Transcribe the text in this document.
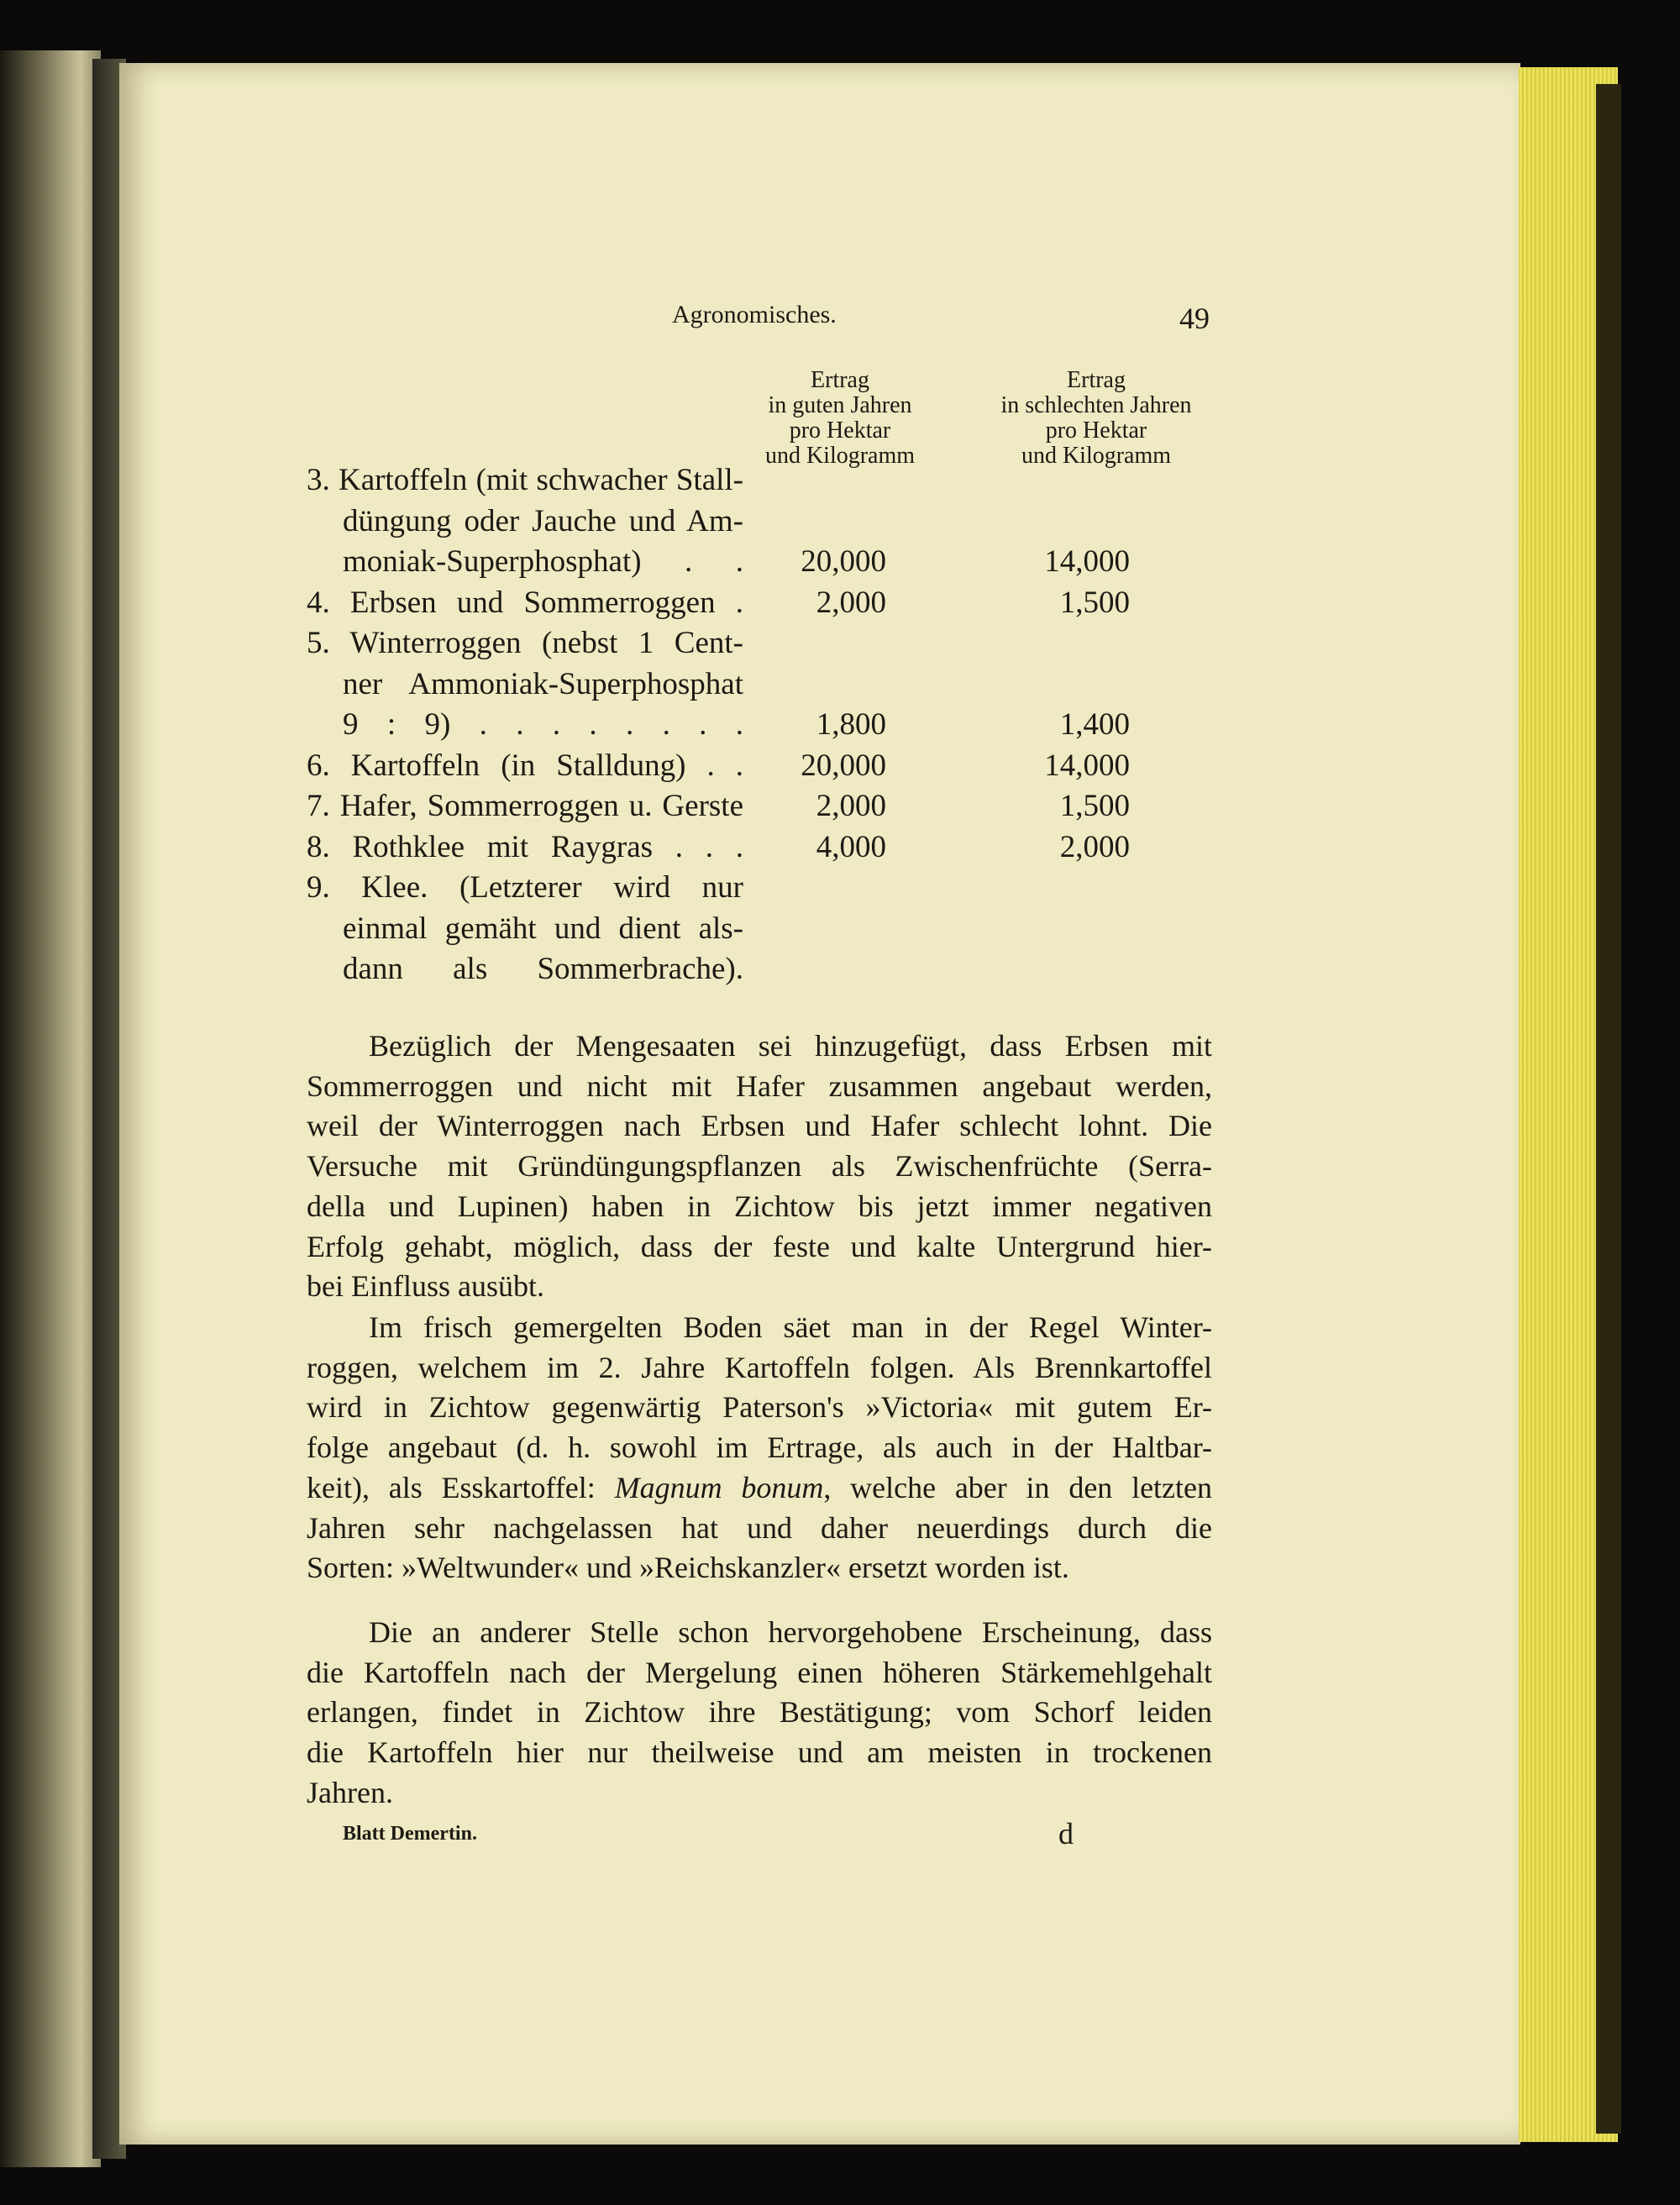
Agronomisches.	49
Ertrag
in guten Jahren
pro Hektar
und Kilogramm
Ertrag
in schlechten Jahren
pro Hektar
und Kilogramm
3. Kartoffeln (mit schwacher Stall-
düngung oder Jauche und Am-
moniak-Superphosphat) . .	20,000	14,000
4. Erbsen und Sommerroggen .	2,000	1,500
5. Winterroggen (nebst 1 Cent-
ner Ammoniak-Superphosphat
9 : 9) . . . . . . . .	1,800	1,400
6. Kartoffeln (in Stalldung) . .	20,000	14,000
7. Hafer, Sommerroggen u. Gerste	2,000	1,500
8. Rothklee mit Raygras . . .	4,000	2,000
9. Klee. (Letzterer wird nur
einmal gemäht und dient als-
dann als Sommerbrache).
Bezüglich der Mengesaaten sei hinzugefügt, dass Erbsen mit
Sommerroggen und nicht mit Hafer zusammen angebaut werden,
weil der Winterroggen nach Erbsen und Hafer schlecht lohnt. Die
Versuche mit Gründüngungspflanzen als Zwischenfrüchte (Serra-
della und Lupinen) haben in Zichtow bis jetzt immer negativen
Erfolg gehabt, möglich, dass der feste und kalte Untergrund hier-
bei Einfluss ausübt.
Im frisch gemergelten Boden säet man in der Regel Winter-
roggen, welchem im 2. Jahre Kartoffeln folgen. Als Brennkartoffel
wird in Zichtow gegenwärtig Paterson's »Victoria« mit gutem Er-
folge angebaut (d. h. sowohl im Ertrage, als auch in der Haltbar-
keit), als Esskartoffel: Magnum bonum, welche aber in den letzten
Jahren sehr nachgelassen hat und daher neuerdings durch die
Sorten: »Weltwunder« und »Reichskanzler« ersetzt worden ist.
Die an anderer Stelle schon hervorgehobene Erscheinung, dass
die Kartoffeln nach der Mergelung einen höheren Stärkemehlgehalt
erlangen, findet in Zichtow ihre Bestätigung; vom Schorf leiden
die Kartoffeln hier nur theilweise und am meisten in trockenen
Jahren.
Blatt Demertin.	d
